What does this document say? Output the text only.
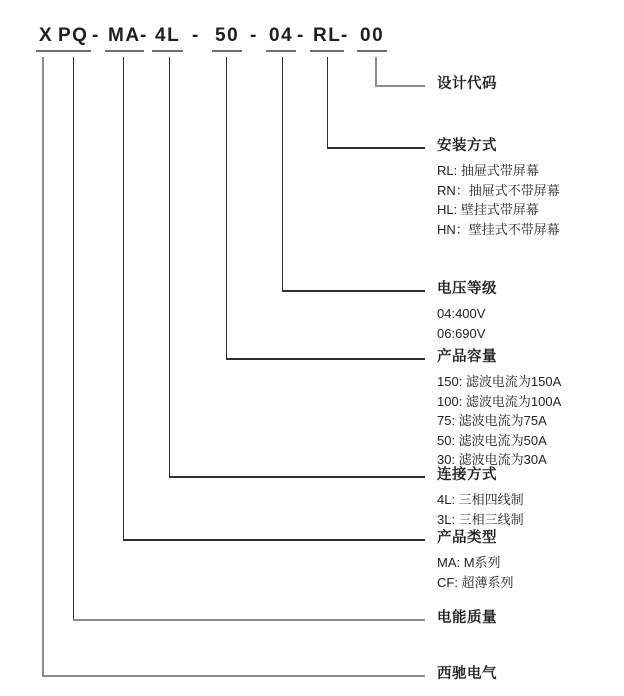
X PQ - MA - 4L - 50 - 04 - RL - 00
设计代码
安装方式
RL: 抽屉式带屏幕
RN：抽屉式不带屏幕
HL: 壁挂式带屏幕
HN：壁挂式不带屏幕
电压等级
04:400V
06:690V
产品容量
150: 滤波电流为150A
100: 滤波电流为100A
75: 滤波电流为75A
50: 滤波电流为50A
30: 滤波电流为30A
连接方式
4L: 三相四线制
3L: 三相三线制
产品类型
MA: M系列
CF: 超薄系列
电能质量
西驰电气
